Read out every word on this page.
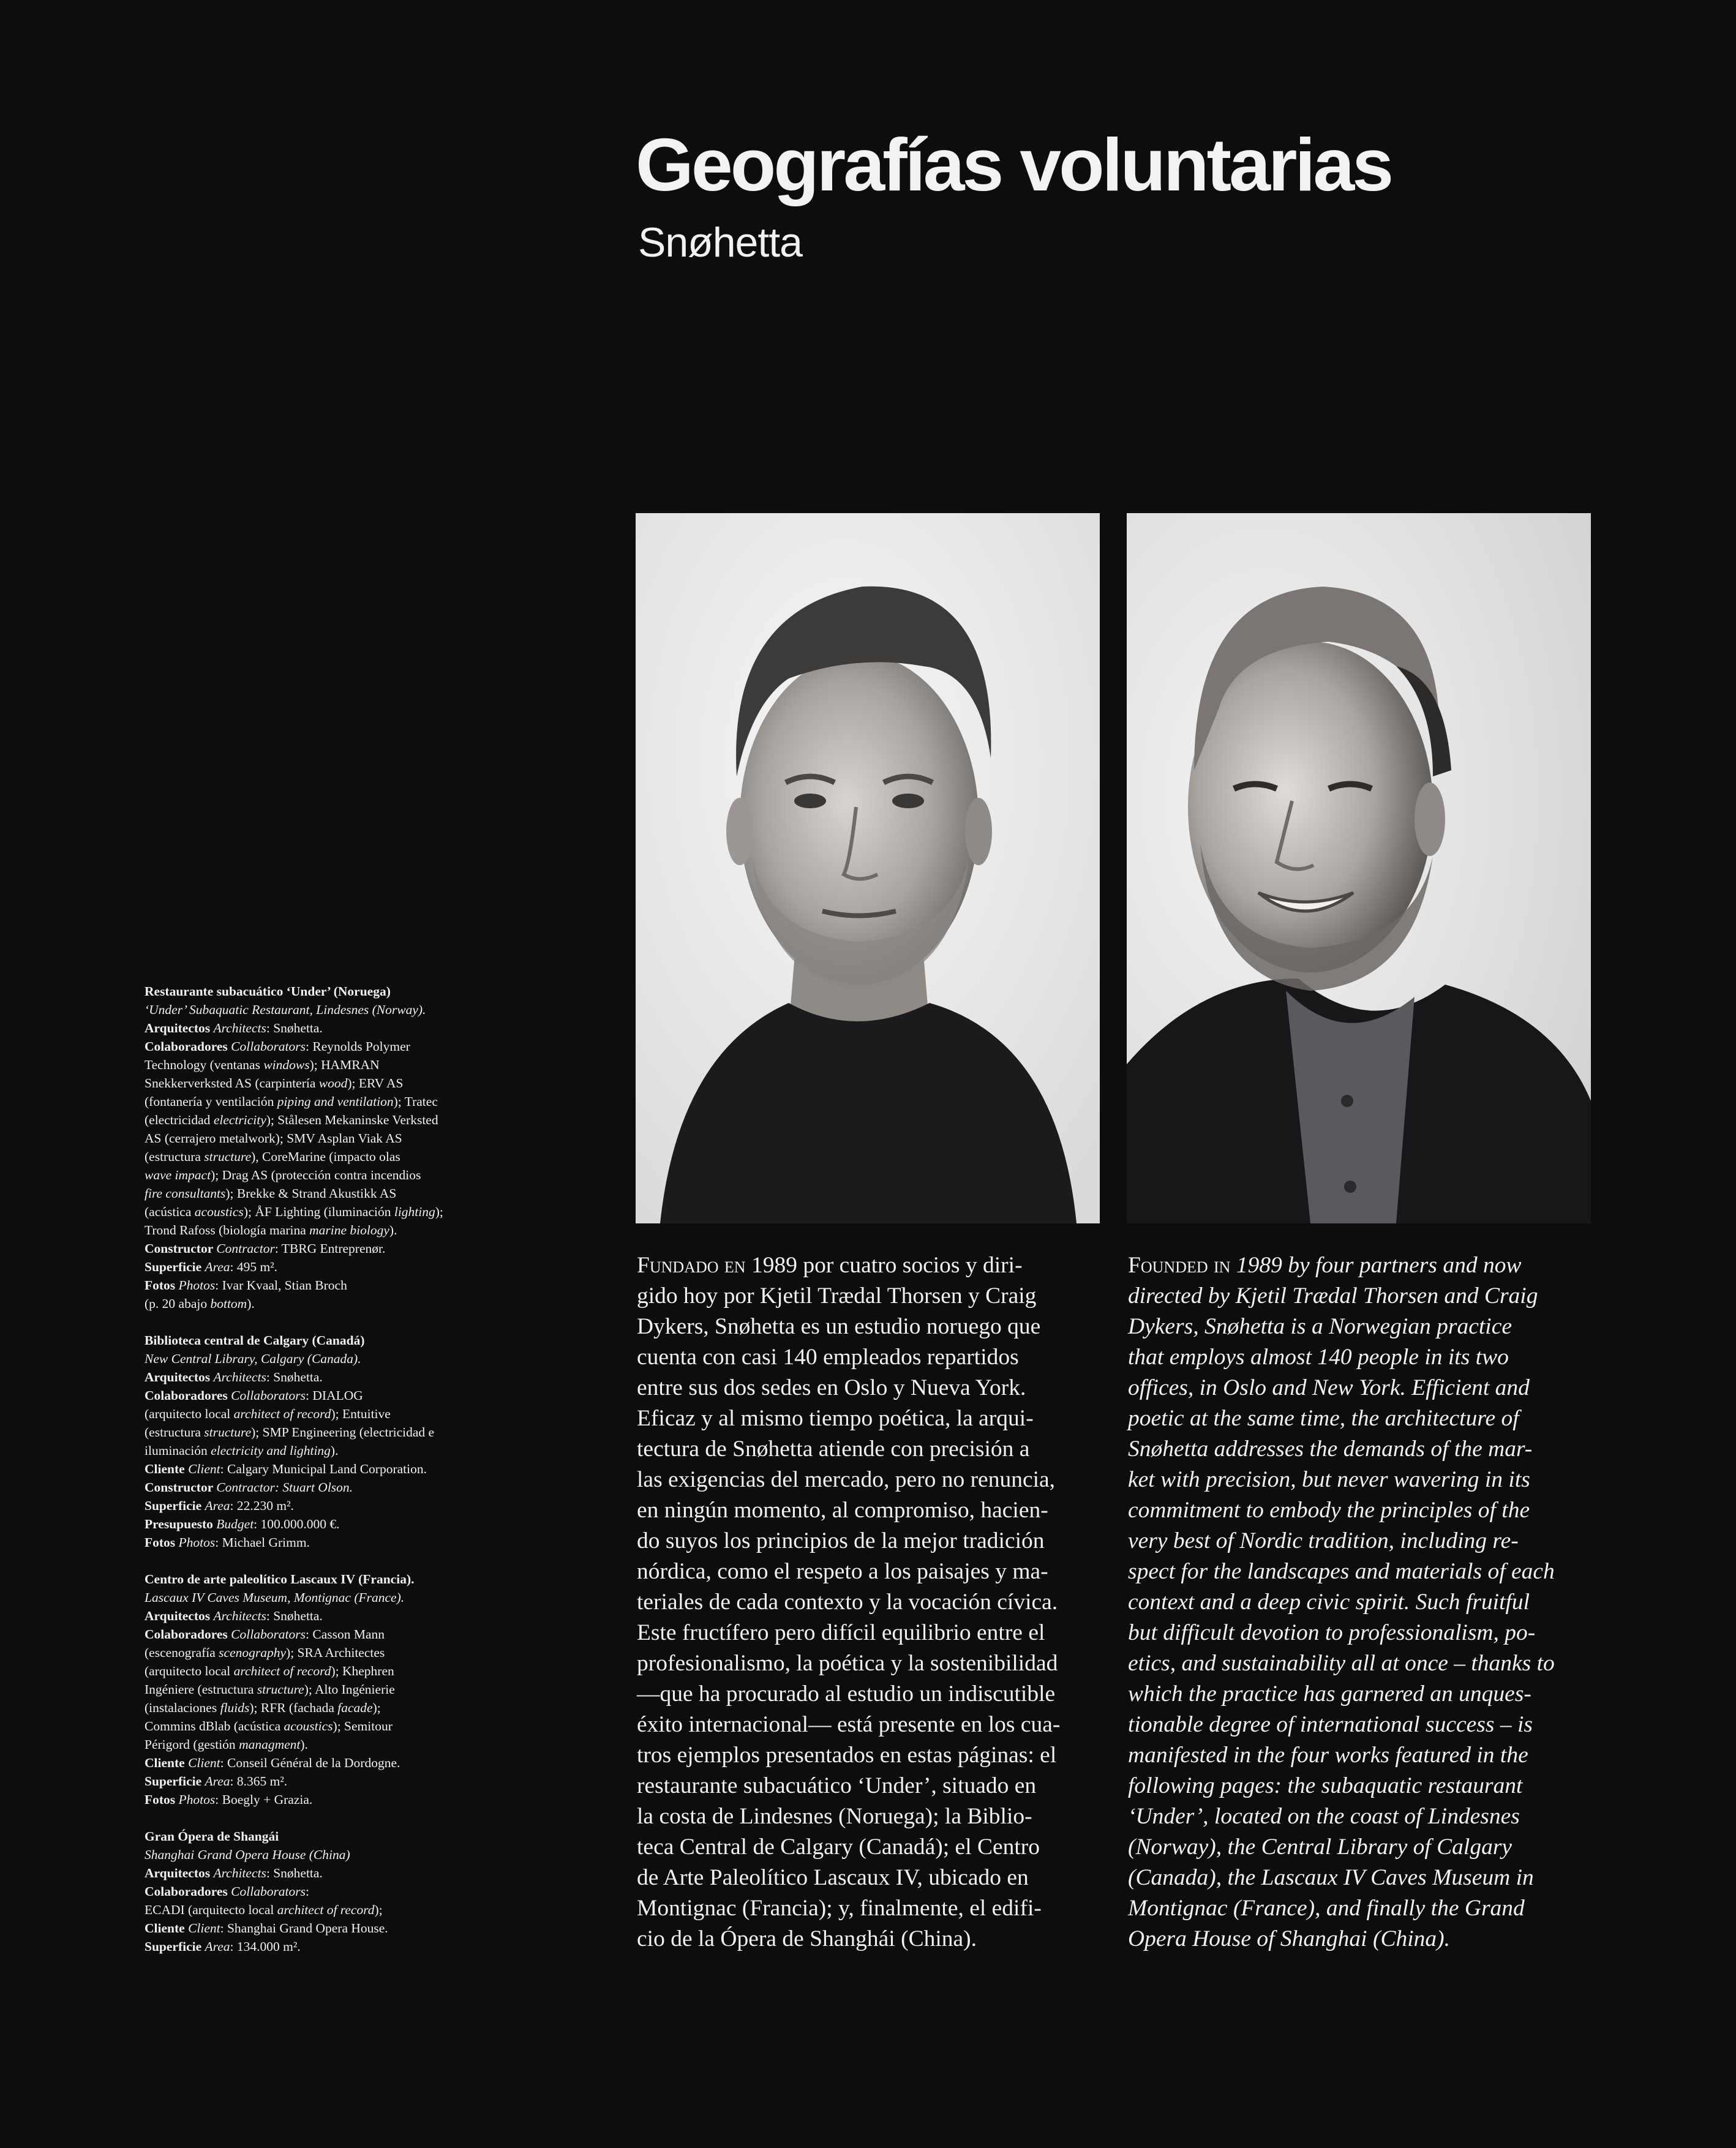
Geografías voluntarias
Snøhetta
Restaurante subacuático ‘Under’ (Noruega)
‘Under’ Subaquatic Restaurant, Lindesnes (Norway).
Arquitectos Architects: Snøhetta.
Colaboradores Collaborators: Reynolds Polymer
Technology (ventanas windows); HAMRAN
Snekkerverksted AS (carpintería wood); ERV AS
(fontanería y ventilación piping and ventilation); Tratec
(electricidad electricity); Stålesen Mekaninske Verksted
AS (cerrajero metalwork); SMV Asplan Viak AS
(estructura structure), CoreMarine (impacto olas
wave impact); Drag AS (protección contra incendios
fire consultants); Brekke & Strand Akustikk AS
(acústica acoustics); ÅF Lighting (iluminación lighting);
Trond Rafoss (biología marina marine biology).
Constructor Contractor: TBRG Entreprenør.
Superficie Area: 495 m².
Fotos Photos: Ivar Kvaal, Stian Broch
(p. 20 abajo bottom).
Biblioteca central de Calgary (Canadá)
New Central Library, Calgary (Canada).
Arquitectos Architects: Snøhetta.
Colaboradores Collaborators: DIALOG
(arquitecto local architect of record); Entuitive
(estructura structure); SMP Engineering (electricidad e
iluminación electricity and lighting).
Cliente Client: Calgary Municipal Land Corporation.
Constructor Contractor: Stuart Olson.
Superficie Area: 22.230 m².
Presupuesto Budget: 100.000.000 €.
Fotos Photos: Michael Grimm.
Centro de arte paleolítico Lascaux IV (Francia).
Lascaux IV Caves Museum, Montignac (France).
Arquitectos Architects: Snøhetta.
Colaboradores Collaborators: Casson Mann
(escenografía scenography); SRA Architectes
(arquitecto local architect of record); Khephren
Ingéniere (estructura structure); Alto Ingénierie
(instalaciones fluids); RFR (fachada facade);
Commins dBlab (acústica acoustics); Semitour
Périgord (gestión managment).
Cliente Client: Conseil Général de la Dordogne.
Superficie Area: 8.365 m².
Fotos Photos: Boegly + Grazia.
Gran Ópera de Shangái
Shanghai Grand Opera House (China)
Arquitectos Architects: Snøhetta.
Colaboradores Collaborators:
ECADI (arquitecto local architect of record);
Cliente Client: Shanghai Grand Opera House.
Superficie Area: 134.000 m².
Fundado en 1989 por cuatro socios y diri-
gido hoy por Kjetil Trædal Thorsen y Craig
Dykers, Snøhetta es un estudio noruego que
cuenta con casi 140 empleados repartidos
entre sus dos sedes en Oslo y Nueva York.
Eficaz y al mismo tiempo poética, la arqui-
tectura de Snøhetta atiende con precisión a
las exigencias del mercado, pero no renuncia,
en ningún momento, al compromiso, hacien-
do suyos los principios de la mejor tradición
nórdica, como el respeto a los paisajes y ma-
teriales de cada contexto y la vocación cívica.
Este fructífero pero difícil equilibrio entre el
profesionalismo, la poética y la sostenibilidad
—que ha procurado al estudio un indiscutible
éxito internacional— está presente en los cua-
tros ejemplos presentados en estas páginas: el
restaurante subacuático ‘Under’, situado en
la costa de Lindesnes (Noruega); la Biblio-
teca Central de Calgary (Canadá); el Centro
de Arte Paleolítico Lascaux IV, ubicado en
Montignac (Francia); y, finalmente, el edifi-
cio de la Ópera de Shanghái (China).
Founded in 1989 by four partners and now
directed by Kjetil Trædal Thorsen and Craig
Dykers, Snøhetta is a Norwegian practice
that employs almost 140 people in its two
offices, in Oslo and New York. Efficient and
poetic at the same time, the architecture of
Snøhetta addresses the demands of the mar-
ket with precision, but never wavering in its
commitment to embody the principles of the
very best of Nordic tradition, including re-
spect for the landscapes and materials of each
context and a deep civic spirit. Such fruitful
but difficult devotion to professionalism, po-
etics, and sustainability all at once – thanks to
which the practice has garnered an unques-
tionable degree of international success – is
manifested in the four works featured in the
following pages: the subaquatic restaurant
‘Under’, located on the coast of Lindesnes
(Norway), the Central Library of Calgary
(Canada), the Lascaux IV Caves Museum in
Montignac (France), and finally the Grand
Opera House of Shanghai (China).
